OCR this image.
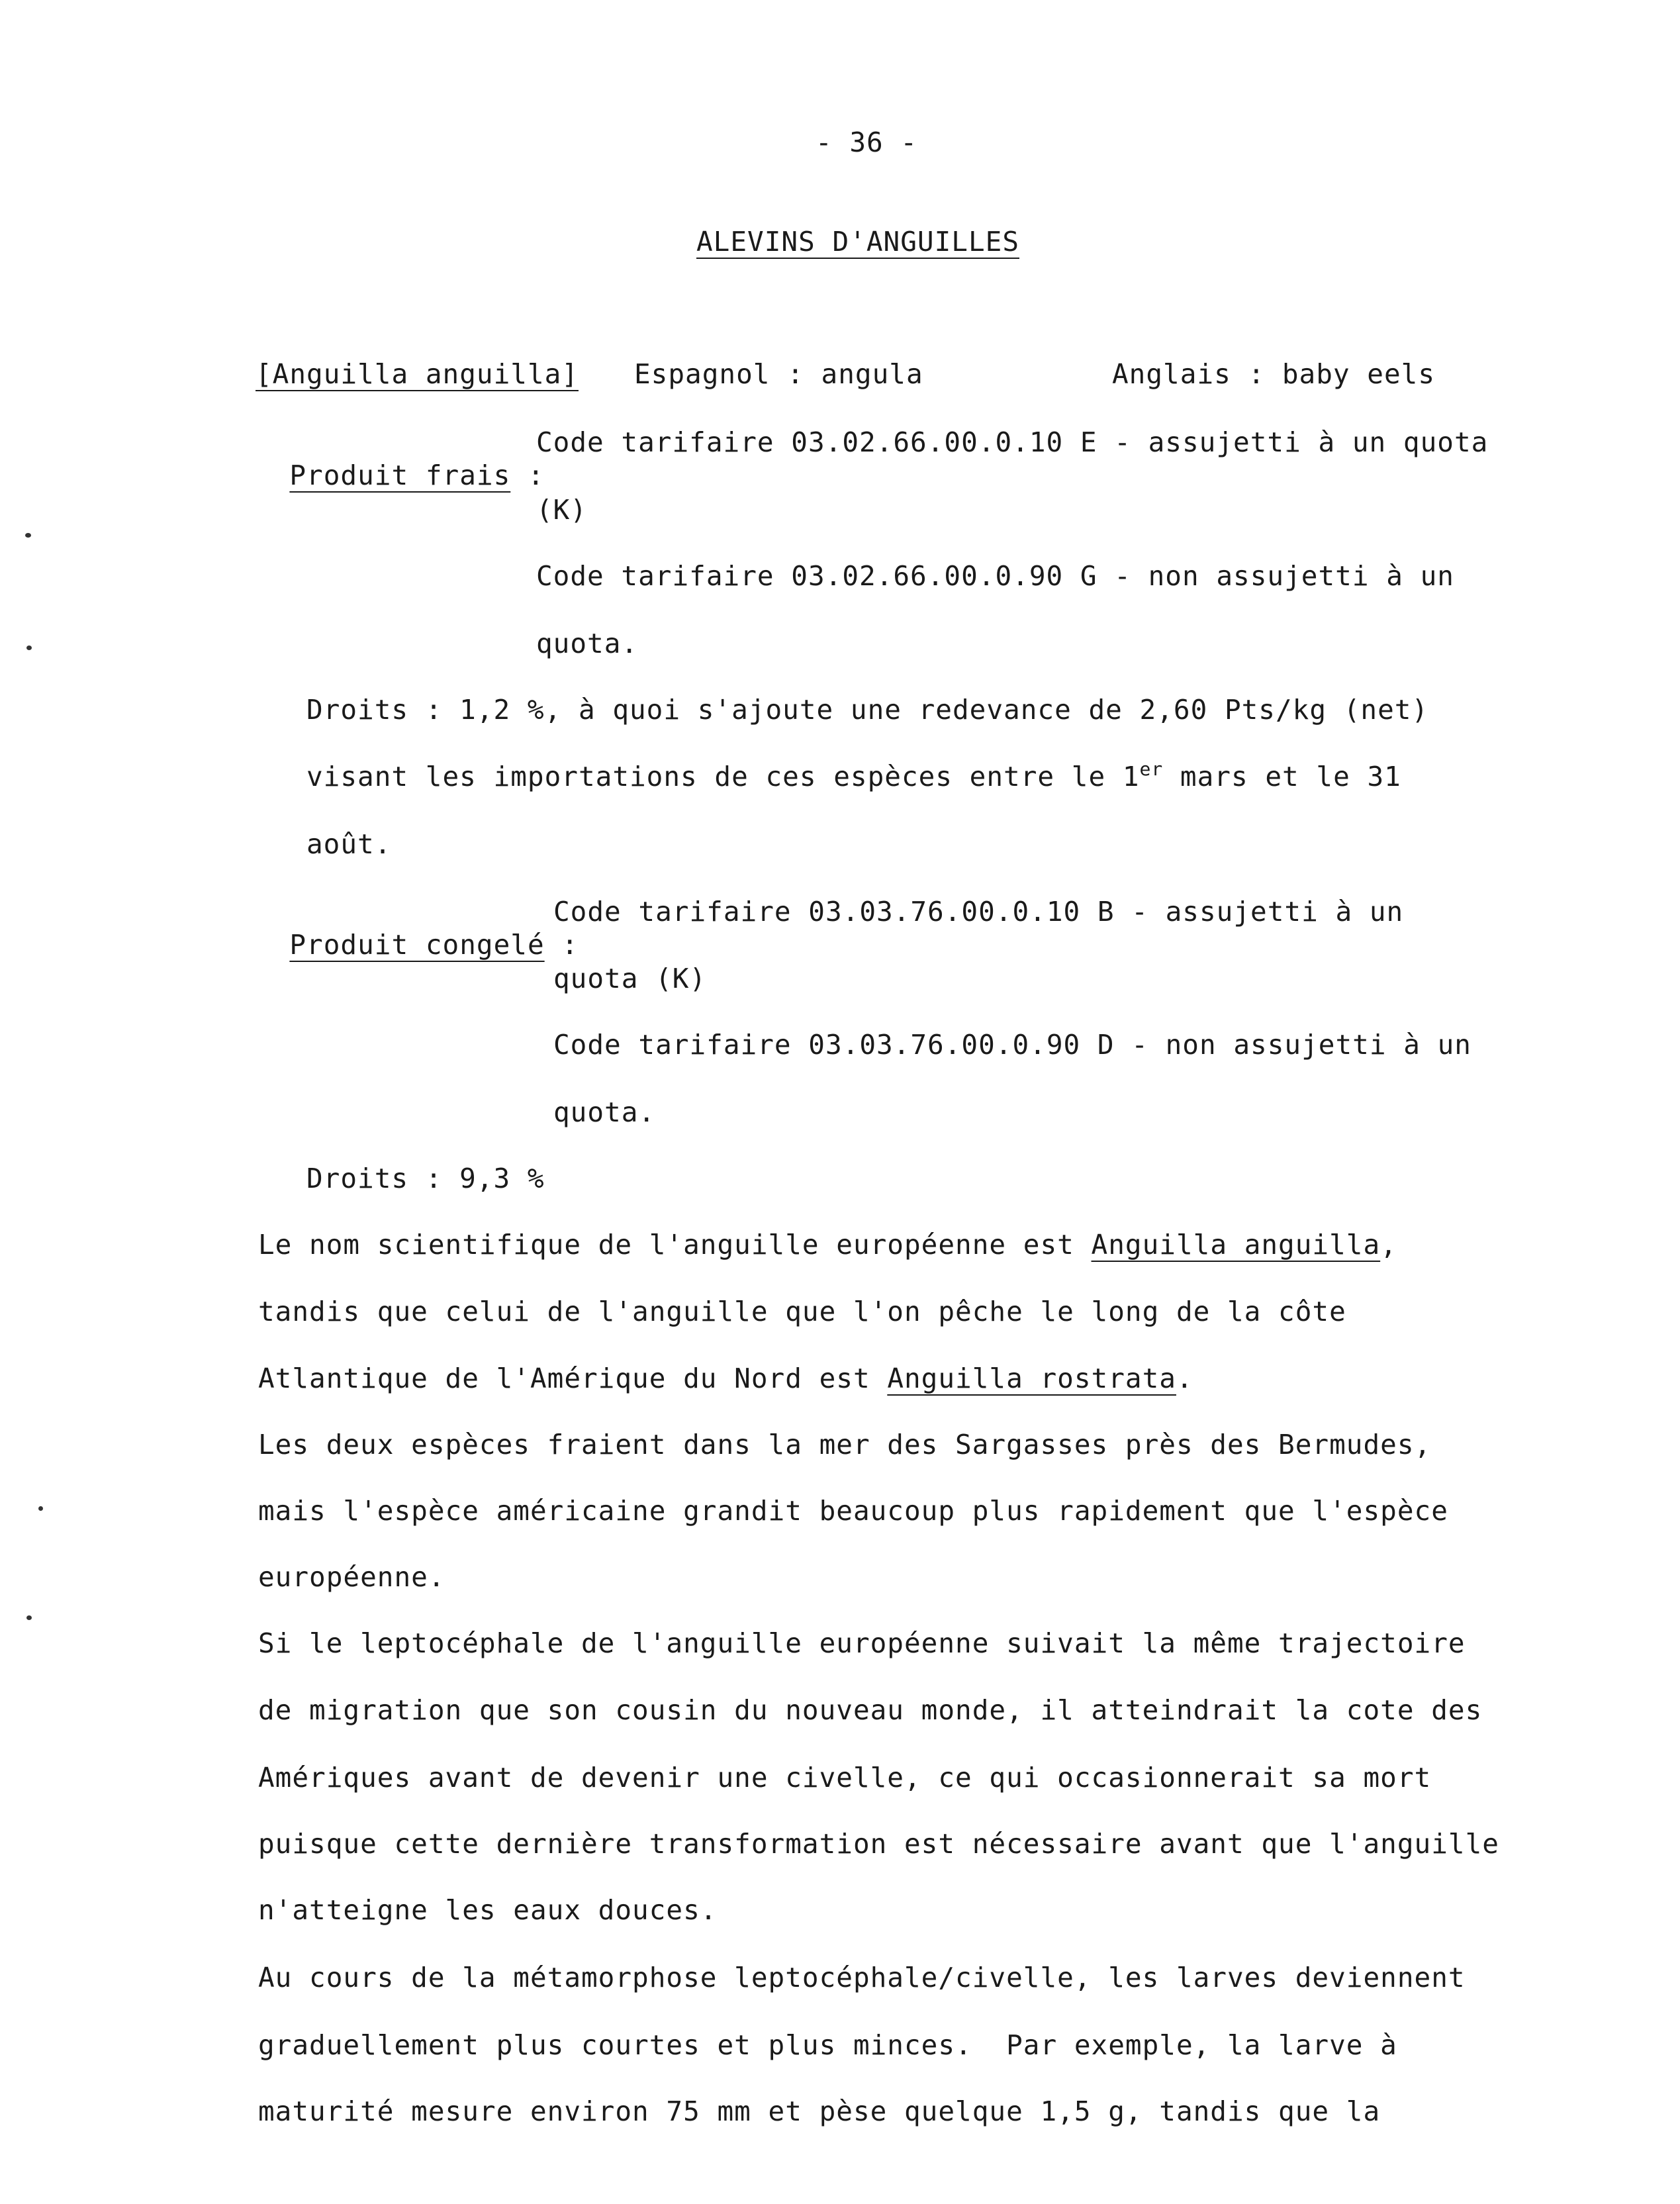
- 36 -
ALEVINS D'ANGUILLES
[Anguilla anguilla] Espagnol : angula	Anglais : baby eels

Produit frais :

Code tarifaire 03.02.66.00.0.10 E - assujetti à un quota
(K)
Code tarifaire 03.02.66.00.0.90 G - non assujetti à un
quota.
Droits : 1,2 %, à quoi s'ajoute une redevance de 2,60 Pts/kg (net)
visant les importations de ces espèces entre le 1er mars et le 31
août.

Produit congelé :

Code tarifaire 03.03.76.00.0.10 B - assujetti à un
quota (K)
Code tarifaire 03.03.76.00.0.90 D - non assujetti à un
quota.
Droits : 9,3 %
Le nom scientifique de l'anguille européenne est Anguilla anguilla,
tandis que celui de l'anguille que l'on pêche le long de la côte
Atlantique de l'Amérique du Nord est Anguilla rostrata.
Les deux espèces fraient dans la mer des Sargasses près des Bermudes,
mais l'espèce américaine grandit beaucoup plus rapidement que l'espèce
européenne.
Si le leptocéphale de l'anguille européenne suivait la même trajectoire
de migration que son cousin du nouveau monde, il atteindrait la cote des
Amériques avant de devenir une civelle, ce qui occasionnerait sa mort
puisque cette dernière transformation est nécessaire avant que l'anguille
n'atteigne les eaux douces.
Au cours de la métamorphose leptocéphale/civelle, les larves deviennent
graduellement plus courtes et plus minces.  Par exemple, la larve à
maturité mesure environ 75 mm et pèse quelque 1,5 g, tandis que la
